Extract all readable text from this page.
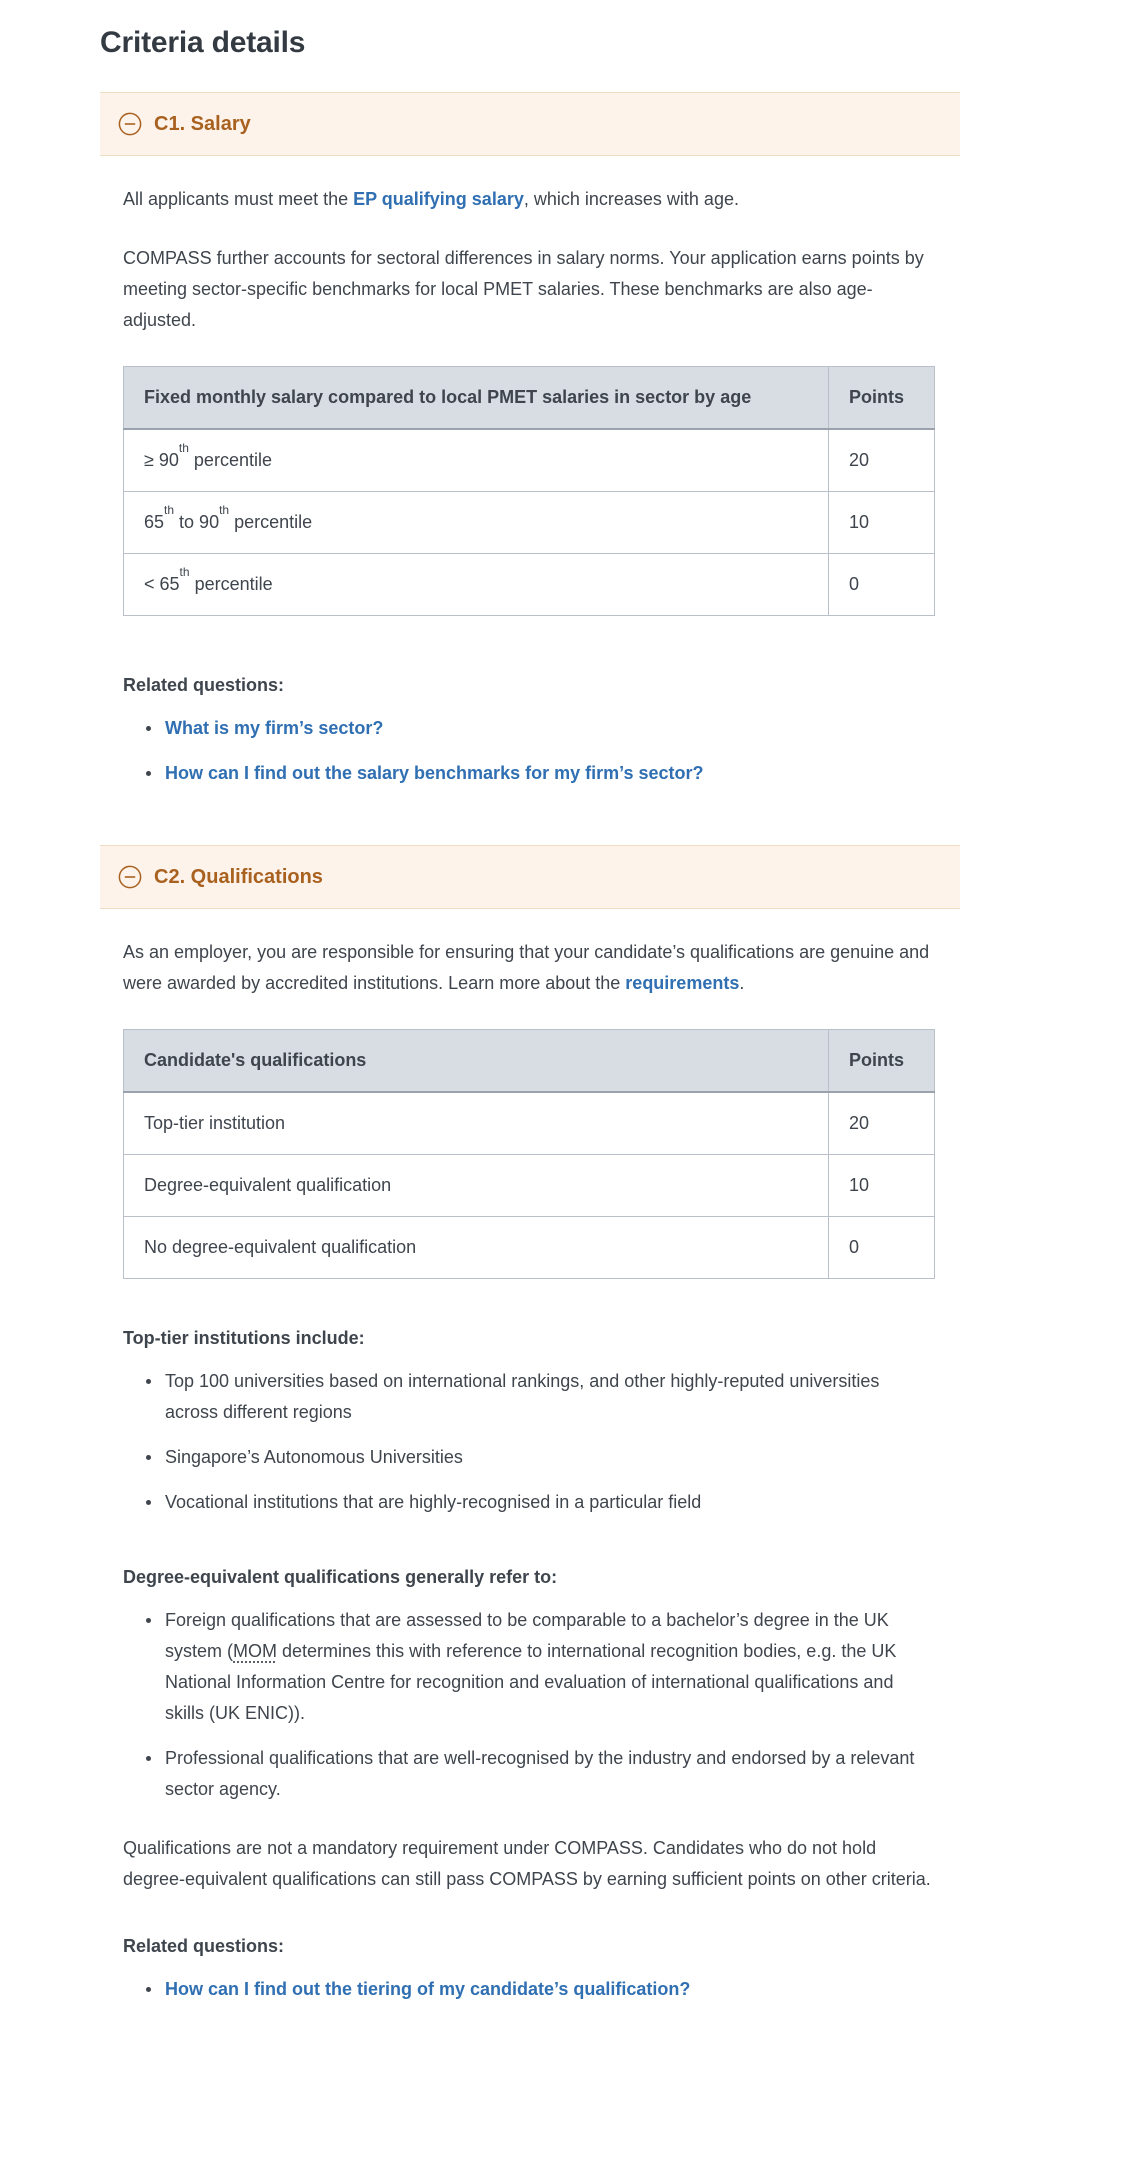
Criteria details
C1. Salary

All applicants must meet the EP qualifying salary, which increases with age.

COMPASS further accounts for sectoral differences in salary norms. Your application earns points by meeting sector-specific benchmarks for local PMET salaries. These benchmarks are also age-adjusted.

Fixed monthly salary compared to local PMET salaries in sector by age	Points
≥ 90th percentile	20
65th to 90th percentile	10
< 65th percentile	0

Related questions:

• What is my firm’s sector?
• How can I find out the salary benchmarks for my firm’s sector?
C2. Qualifications

As an employer, you are responsible for ensuring that your candidate’s qualifications are genuine and were awarded by accredited institutions. Learn more about the requirements.

Candidate's qualifications	Points
Top-tier institution	20
Degree-equivalent qualification	10
No degree-equivalent qualification	0

Top-tier institutions include:

• Top 100 universities based on international rankings, and other highly-reputed universities across different regions
• Singapore’s Autonomous Universities
• Vocational institutions that are highly-recognised in a particular field

Degree-equivalent qualifications generally refer to:

• Foreign qualifications that are assessed to be comparable to a bachelor’s degree in the UK system (MOM determines this with reference to international recognition bodies, e.g. the UK National Information Centre for recognition and evaluation of international qualifications and skills (UK ENIC)).
• Professional qualifications that are well-recognised by the industry and endorsed by a relevant sector agency.

Qualifications are not a mandatory requirement under COMPASS. Candidates who do not hold degree-equivalent qualifications can still pass COMPASS by earning sufficient points on other criteria.

Related questions:

• How can I find out the tiering of my candidate’s qualification?
